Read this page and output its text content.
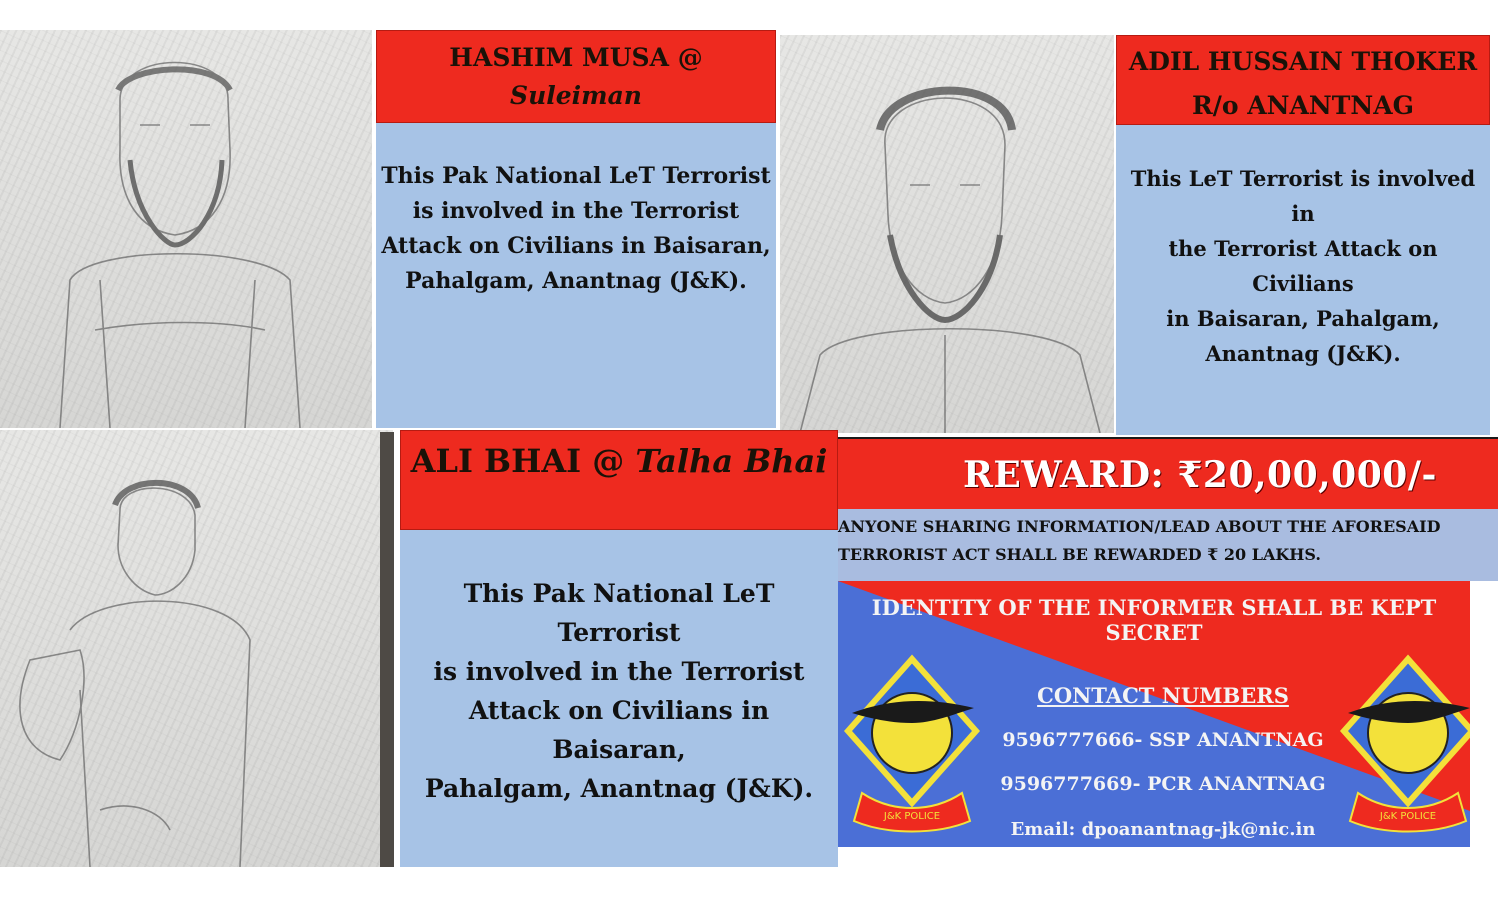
HASHIM MUSA @
Suleiman
This Pak National LeT Terrorist
is involved in the Terrorist
Attack on Civilians in Baisaran,
Pahalgam, Anantnag (J&K).
ADIL HUSSAIN THOKER
R/o ANANTNAG
This LeT Terrorist is involved in
the Terrorist Attack on Civilians
in Baisaran, Pahalgam,
Anantnag (J&K).
ALI BHAI @ Talha Bhai
This Pak National LeT Terrorist
is involved in the Terrorist
Attack on Civilians in Baisaran,
Pahalgam, Anantnag (J&K).
REWARD: ₹20,00,000/-
ANYONE SHARING INFORMATION/LEAD ABOUT THE AFORESAID
TERRORIST ACT SHALL BE REWARDED ₹ 20 LAKHS.
IDENTITY OF THE INFORMER SHALL BE KEPT SECRET
J&K POLICE	J&K POLICE
CONTACT NUMBERS
9596777666- SSP ANANTNAG
9596777669- PCR ANANTNAG
Email: dpoanantnag-jk@nic.in
